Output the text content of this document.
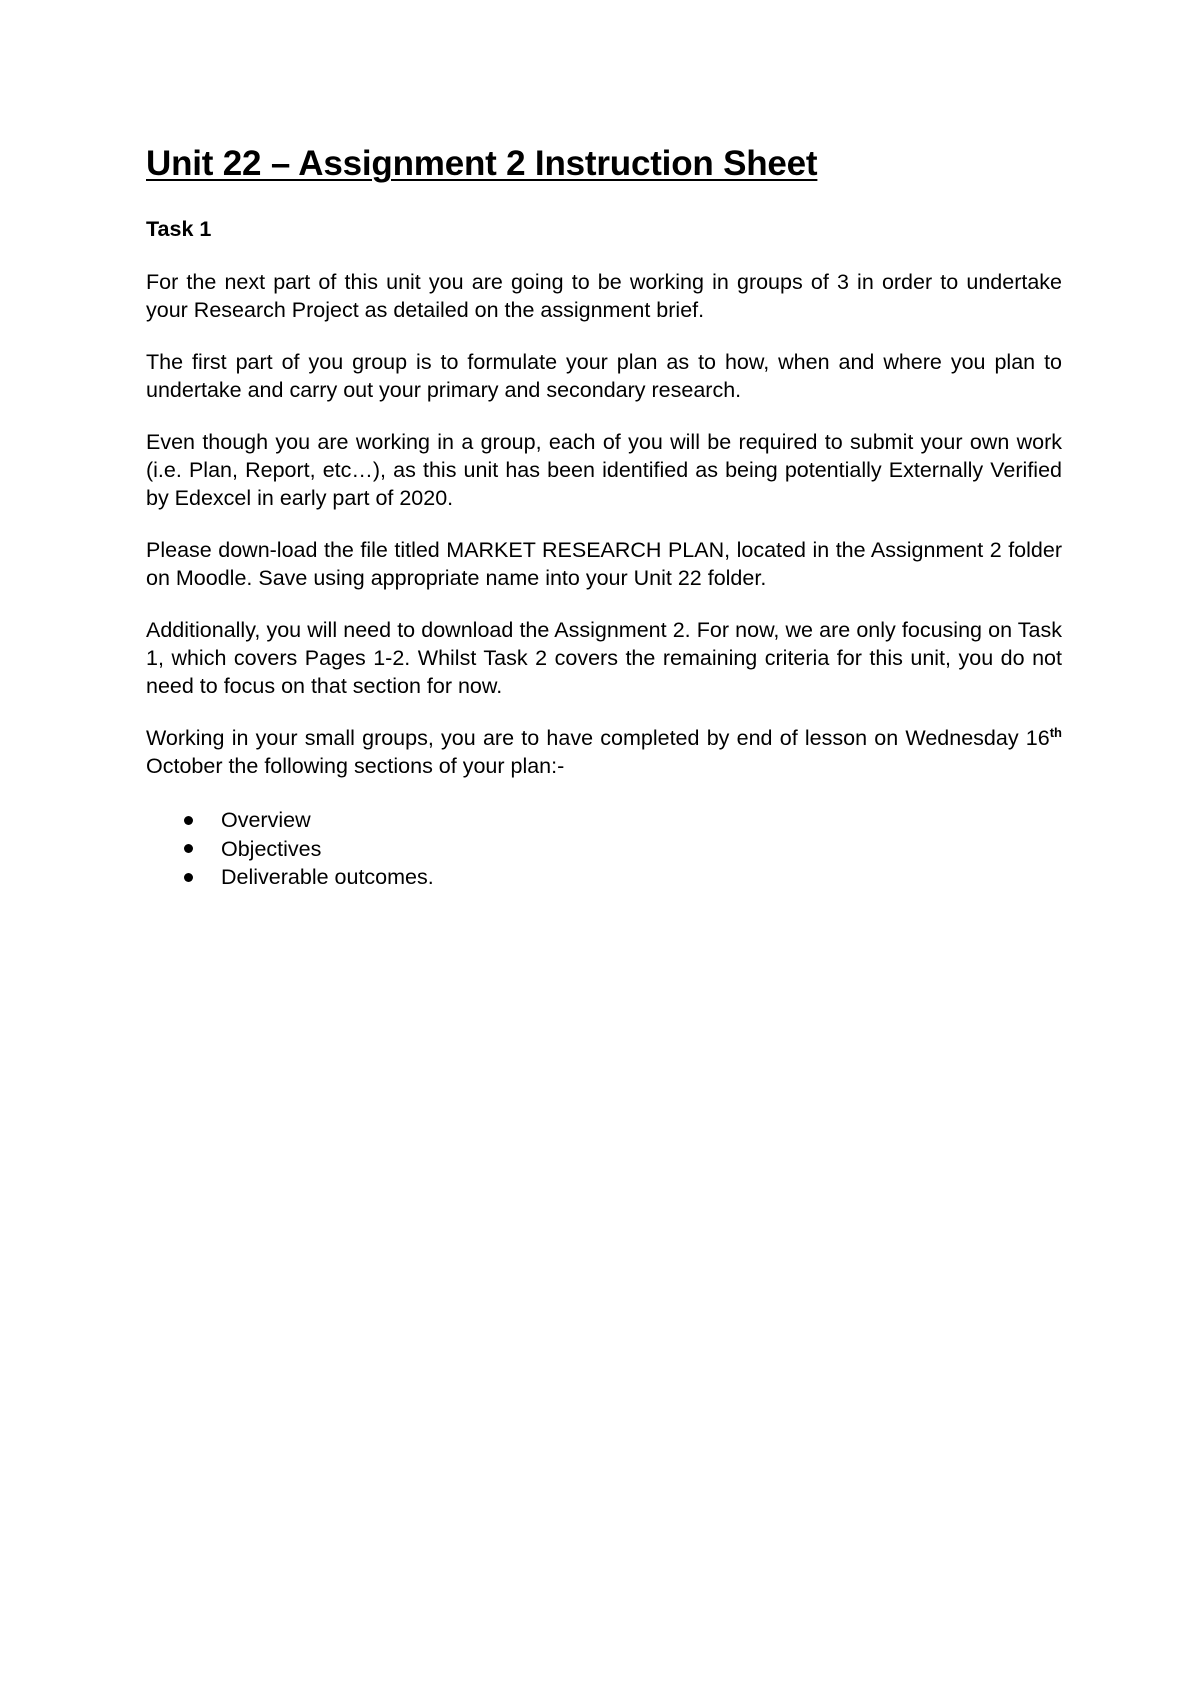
Unit 22 – Assignment 2 Instruction Sheet
Task 1

For the next part of this unit you are going to be working in groups of 3 in order to undertake your Research Project as detailed on the assignment brief.

The first part of you group is to formulate your plan as to how, when and where you plan to undertake and carry out your primary and secondary research.

Even though you are working in a group, each of you will be required to submit your own work (i.e. Plan, Report, etc…), as this unit has been identified as being potentially Externally Verified by Edexcel in early part of 2020.

Please down-load the file titled MARKET RESEARCH PLAN, located in the Assignment 2 folder on Moodle. Save using appropriate name into your Unit 22 folder.

Additionally, you will need to download the Assignment 2. For now, we are only focusing on Task 1, which covers Pages 1-2. Whilst Task 2 covers the remaining criteria for this unit, you do not need to focus on that section for now.

Working in your small groups, you are to have completed by end of lesson on Wednesday 16th October the following sections of your plan:-

Overview
Objectives
Deliverable outcomes.
